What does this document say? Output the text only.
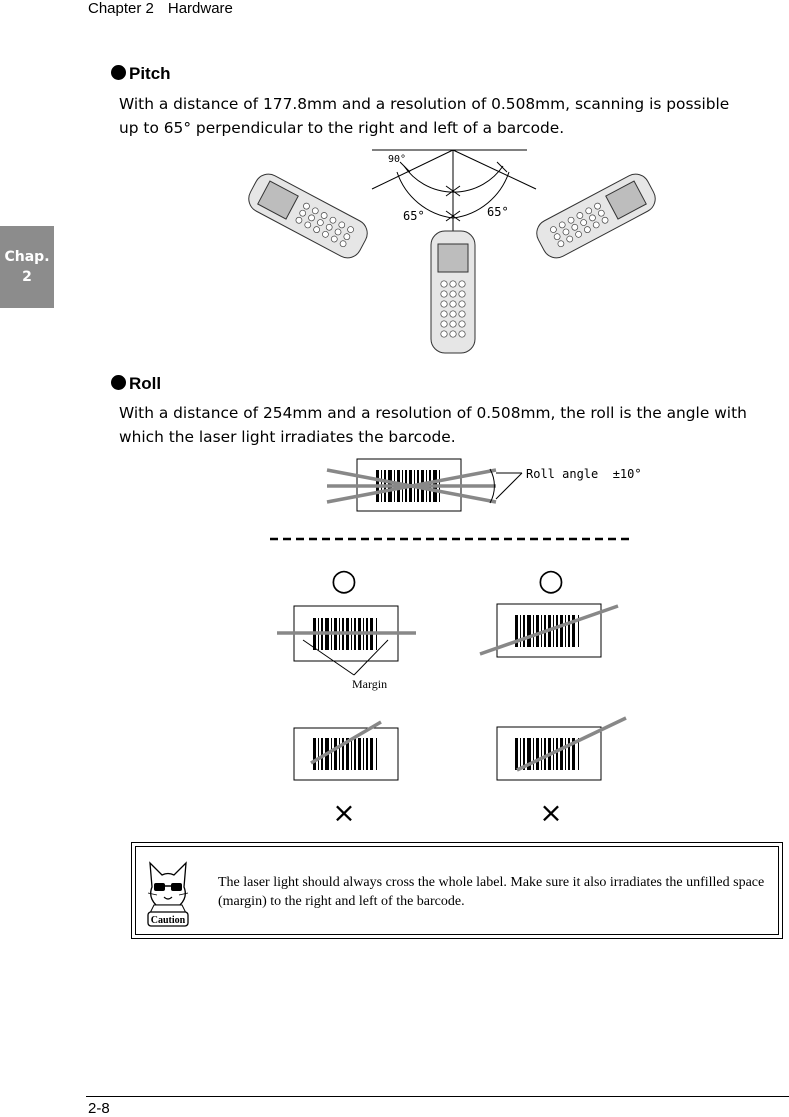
Chapter 2 Hardware
Chap.
2
Pitch
With a distance of 177.8mm and a resolution of 0.508mm, scanning is possible
up to 65° perpendicular to the right and left of a barcode.
90°
65°	65°
Roll angle  ±10°
○	○
×	×
Margin
Roll
With a distance of 254mm and a resolution of 0.508mm, the roll is the angle with
which the laser light irradiates the barcode.
Caution
The laser light should always cross the whole label. Make sure it also irradiates the unfilled space (margin) to the right and left of the barcode.
2-8
